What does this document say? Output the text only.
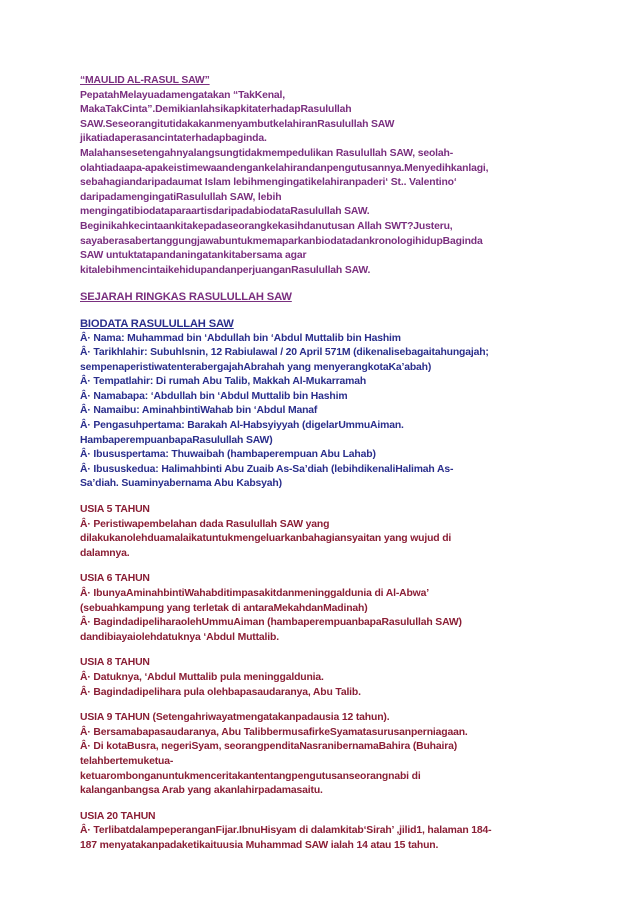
“MAULID AL-RASUL SAW”

PepatahMelayuadamengatakan “TakKenal,

MakaTakCinta”.DemikianlahsikapkitaterhadapRasulullah

SAW.SeseorangitutidakakanmenyambutkelahiranRasulullah SAW

jikatiadaperasancintaterhadapbaginda.

Malahansesetengahnyalangsungtidakmempedulikan Rasulullah SAW, seolah-

olahtiadaapa-apakeistimewaandengankelahirandanpengutusannya.Menyedihkanlagi,

sebahagiandaripadaumat Islam lebihmengingatikelahiranpaderi‘ St.. Valentino‘

daripadamengingatiRasulullah SAW, lebih

mengingatibiodataparaartisdaripadabiodataRasulullah SAW.

Beginikahkecintaankitakepadaseorangkekasihdanutusan Allah SWT?Justeru,

sayaberasabertanggungjawabuntukmemaparkanbiodatadankronologihidupBaginda

SAW untuktatapandaningatankitabersama agar

kitalebihmencintaikehidupandanperjuanganRasulullah SAW.

SEJARAH RINGKAS RASULULLAH SAW

BIODATA RASULULLAH SAW

Â· Nama: Muhammad bin ‘Abdullah bin ‘Abdul Muttalib bin Hashim

Â· Tarikhlahir: Subuhlsnin, 12 Rabiulawal / 20 April 571M (dikenalisebagaitahungajah;

sempenaperistiwatenterabergajahAbrahah yang menyerangkotaKa’abah)

Â· Tempatlahir: Di rumah Abu Talib, Makkah Al-Mukarramah

Â· Namabapa: ‘Abdullah bin ‘Abdul Muttalib bin Hashim

Â· Namaibu: AminahbintiWahab bin ‘Abdul Manaf

Â· Pengasuhpertama: Barakah Al-Habsyiyyah (digelarUmmuAiman.

HambaperempuanbapaRasulullah SAW)

Â· Ibususpertama: Thuwaibah (hambaperempuan Abu Lahab)

Â· Ibususkedua: Halimahbinti Abu Zuaib As-Sa’diah (lebihdikenaliHalimah As-

Sa’diah. Suaminyabernama Abu Kabsyah)

USIA 5 TAHUN

Â· Peristiwapembelahan dada Rasulullah SAW yang

dilakukanolehduamalaikatuntukmengeluarkanbahagiansyaitan yang wujud di

dalamnya.

USIA 6 TAHUN

Â· IbunyaAminahbintiWahabditimpasakitdanmeninggaldunia di Al-Abwa’

(sebuahkampung yang terletak di antaraMekahdanMadinah)

Â· BagindadipeliharaolehUmmuAiman (hambaperempuanbapaRasulullah SAW)

dandibiayaiolehdatuknya ‘Abdul Muttalib.

USIA 8 TAHUN

Â· Datuknya, ‘Abdul Muttalib pula meninggaldunia.

Â· Bagindadipelihara pula olehbapasaudaranya, Abu Talib.

USIA 9 TAHUN (Setengahriwayatmengatakanpadausia 12 tahun).

Â· Bersamabapasaudaranya, Abu TalibbermusafirkeSyamatasurusanperniagaan.

Â· Di kotaBusra, negeriSyam, seorangpenditaNasranibernamaBahira (Buhaira)

telahbertemuketua-

ketuarombonganuntukmenceritakantentangpengutusanseorangnabi di

kalanganbangsa Arab yang akanlahirpadamasaitu.

USIA 20 TAHUN

Â· TerlibatdalampeperanganFijar.IbnuHisyam di dalamkitab‘Sirah’ ,jilid1, halaman 184-

187 menyatakanpadaketikaituusia Muhammad SAW ialah 14 atau 15 tahun.
